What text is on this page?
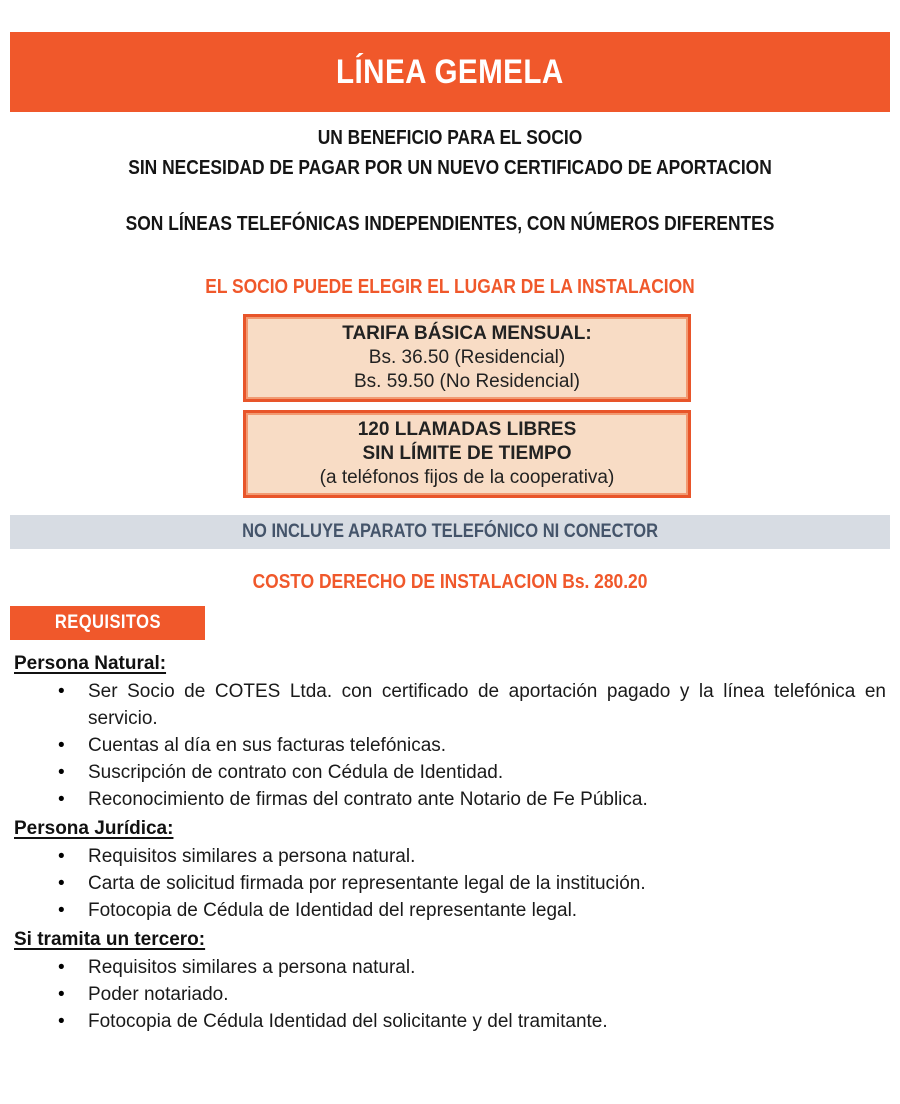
LÍNEA GEMELA

UN BENEFICIO PARA EL SOCIO

SIN NECESIDAD DE PAGAR POR UN NUEVO CERTIFICADO DE APORTACION

SON LÍNEAS TELEFÓNICAS INDEPENDIENTES, CON NÚMEROS DIFERENTES

EL SOCIO PUEDE ELEGIR EL LUGAR DE LA INSTALACION

TARIFA BÁSICA MENSUAL:

Bs. 36.50 (Residencial)

Bs. 59.50 (No Residencial)

120 LLAMADAS LIBRES

SIN LÍMITE DE TIEMPO

(a teléfonos fijos de la cooperativa)

NO INCLUYE APARATO TELEFÓNICO NI CONECTOR

COSTO DERECHO DE INSTALACION Bs. 280.20

REQUISITOS
Persona Natural:
• Ser Socio de COTES Ltda. con certificado de aportación pagado y la línea telefónica en servicio.
• Cuentas al día en sus facturas telefónicas.
• Suscripción de contrato con Cédula de Identidad.
• Reconocimiento de firmas del contrato ante Notario de Fe Pública.
Persona Jurídica:
• Requisitos similares a persona natural.
• Carta de solicitud firmada por representante legal de la institución.
• Fotocopia de Cédula de Identidad del representante legal.
Si tramita un tercero:
• Requisitos similares a persona natural.
• Poder notariado.
• Fotocopia de Cédula Identidad del solicitante y del tramitante.
